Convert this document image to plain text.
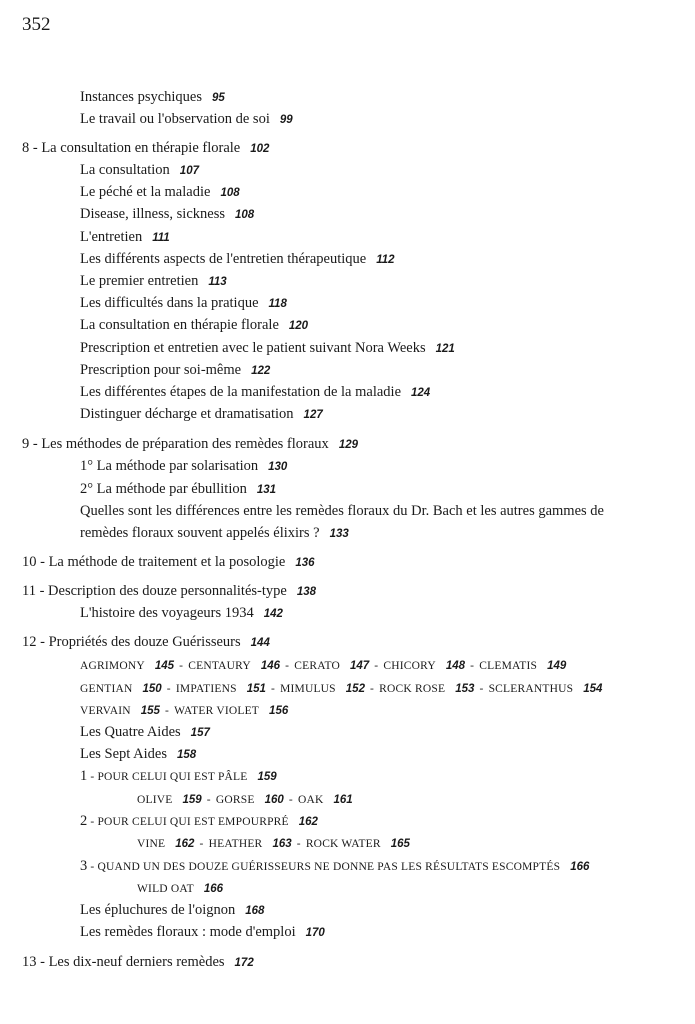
352
Instances psychiques 95
Le travail ou l'observation de soi 99
8 - La consultation en thérapie florale 102
La consultation 107
Le péché et la maladie 108
Disease, illness, sickness 108
L'entretien 111
Les différents aspects de l'entretien thérapeutique 112
Le premier entretien 113
Les difficultés dans la pratique 118
La consultation en thérapie florale 120
Prescription et entretien avec le patient suivant Nora Weeks 121
Prescription pour soi-même 122
Les différentes étapes de la manifestation de la maladie 124
Distinguer décharge et dramatisation 127
9 - Les méthodes de préparation des remèdes floraux 129
1° La méthode par solarisation 130
2° La méthode par ébullition 131
Quelles sont les différences entre les remèdes floraux du Dr. Bach et les autres gammes de
remèdes floraux souvent appelés élixirs ? 133
10 - La méthode de traitement et la posologie 136
11 - Description des douze personnalités-type 138
L'histoire des voyageurs 1934 142
12 - Propriétés des douze Guérisseurs 144
AGRIMONY 145 - CENTAURY 146 - CERATO 147 - CHICORY 148 - CLEMATIS 149
GENTIAN 150 - IMPATIENS 151 - MIMULUS 152 - ROCK ROSE 153 - SCLERANTHUS 154
VERVAIN 155 - WATER VIOLET 156
Les Quatre Aides 157
Les Sept Aides 158
1 - POUR CELUI QUI EST PÂLE 159
OLIVE 159 - GORSE 160 - OAK 161
2 - POUR CELUI QUI EST EMPOURPRÉ 162
VINE 162 - HEATHER 163 - ROCK WATER 165
3 - QUAND UN DES DOUZE GUÉRISSEURS NE DONNE PAS LES RÉSULTATS ESCOMPTÉS 166
WILD OAT 166
Les épluchures de l'oignon 168
Les remèdes floraux : mode d'emploi 170
13 - Les dix-neuf derniers remèdes 172
